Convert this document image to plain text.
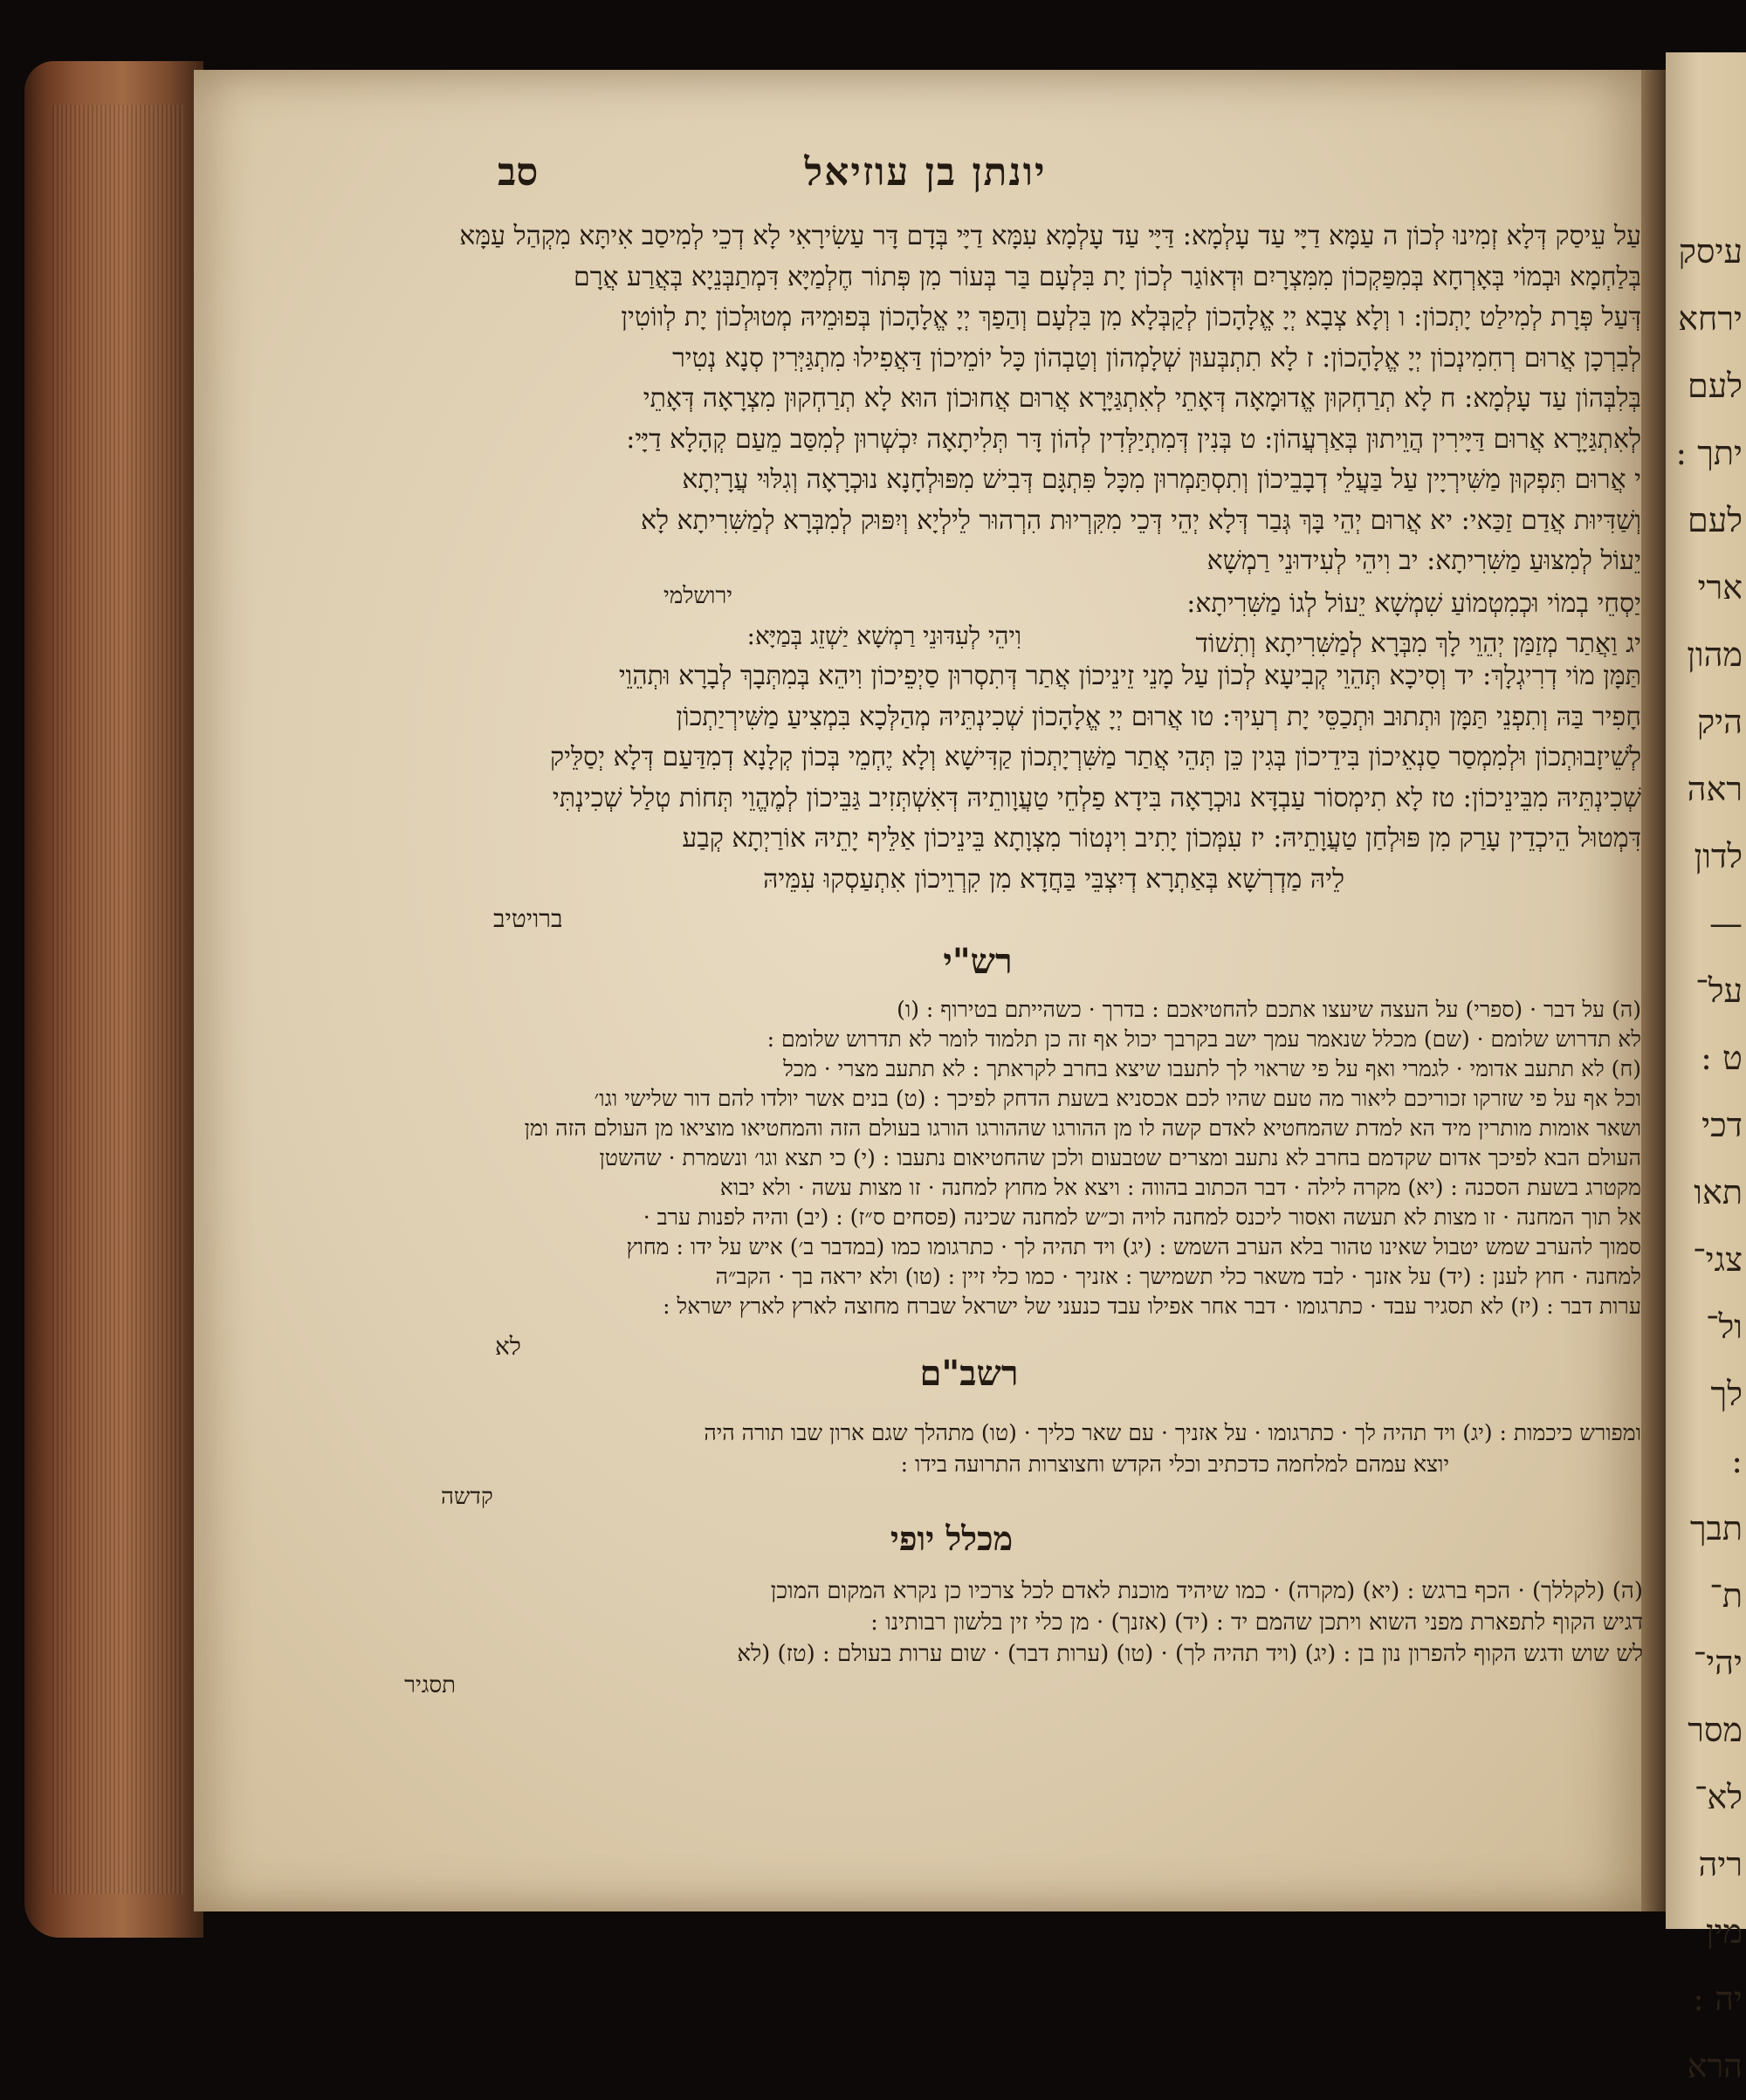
עיסק
ירחא
לעם
יתך :
לעם
ארי
מהון
היק
ראה
לדון
—
על־
ט :
דכי
תאו
צגי־
ול־
לך
:
תבך
ת־
יהי־
מסר
לא־
ריה
מין
יה :
הרא
יונתן בן עוזיאל
סב
עַל עֵיסַק דְּלָא זְמִינוּ לְכוֹן ה עַמָּא דַיָּי עַד עָלְמָא: דַּיָּי עַד עָלְמָא עִמָּא דַיָּי בְּדָם דָּר עַשִׂירָאִי לָא דְכֵי לְמִיסַב אִיתָּא מִקְהַל עַמָּא
בְּלַחְמָא וּבְמוֹי בְּאָרְחָא בְּמִפַּקְכוֹן מִמִּצְרָיִם וּדְאוֹגַר לְכוֹן יָת בִּלְעָם בַּר בְּעוֹר מִן פְּתוֹר חֶלְמַיָּא דִּמְתַבְּנֵיָא בְּאֲרַע אֲרָם
דְּעַל פְּרָת לְמִילַט יָתְכוֹן: ו וְלָא צְבָא יְיָ אֱלָהָכוֹן לְקַבְּלָא מִן בִּלְעָם וְהַפַךְ יְיָ אֱלָהָכוֹן בְּפוּמֵיהּ מְטוּלְכוֹן יָת לְווֹטִין
לְבִרְכָן אֲרוּם רְחִמִינְכוֹן יְיָ אֱלָהָכוֹן: ז לָא תִתְבְּעוּן שְׁלָמְהוֹן וְטַבְהוֹן כָּל יוֹמֵיכוֹן דַּאֲפִילוּ מִתְגַּיְּרִין סְנָא נְטִיר
בְּלִבְּהוֹן עַד עָלְמָא: ח לָא תְרַחְקוּן אֱדוּמָאָה דְּאָתֵי לְאִתְגַּיָּרָא אֲרוּם אֲחוּכוֹן הוּא לָא תְרַחְקוּן מִצְרָאָה דְּאָתֵי
לְאִתְגַּיָּרָא אֲרוּם דַּיָּירִין הֲוֵיתוּן בְּאַרְעֲהוֹן: ט בְּנִין דְּמִתְיַלְּדִין לְהוֹן דָּר תְּלִיתָאָה יִכְשְׁרוּן לְמִסַּב מֵעַם קְהָלָא דַיָּי:
י אֲרוּם תִּפְקוּן מַשִּׁירְיָין עַל בַּעֲלֵי דְבָבֵיכוֹן וְתִסְתַּמְרוּן מִכָּל פִּתְגָּם דְּבִישׁ מִפּוּלְחָנָא נוּכְרָאָה וְגִלּוּי עֲרָיְתָא
וְשַׁדִּיוּת אֲדַם זַכַּאי: יא אֲרוּם יְהֵי בָּךְ גְּבַר דְּלָא יְהֵי דְּכֵי מִקִּרְיוּת הִרְהוּר לֵילְיָא וְיִפּוּק לְמִבְּרָא לְמַשִּׁרִיתָא לָא
יֵעוֹל לְמִצּוּעַ מַשִּׁרִיתָא: יב וִיהֵי לְעִידוּנֵי רַמְשָׁא
ירושלמי	יַסְחֵי בְמוֹי וּכְמִטְמוֹעַ שִׁמְשָׁא יֵעוֹל לְגוֹ מַשִּׁרִיתָא:
וִיהֵי לְעִדּוּנֵי רַמְשָׁא יַשְׁזֵג בְּמַיָּא:	יג וַאֲתַר מְזַמַּן יְהֵוֵי לָךְ מִבְּרָא לְמַשִּׁרִיתָא וְתִשׁוֹד
תַּמָּן מוֹי דְרִיגְלָךְ: יד וְסִיכָא תְּהֵוֵי קְבִיעָא לְכוֹן עַל מָנֵי זֵינֵיכוֹן אֲתַר דְּתִסְרוּן סַיְפֵיכוֹן וִיהֵא בְּמִתְּבָךְ לְבָרָא וּתְהֵוֵי
חָפִיר בַּהּ וְתִפְנֵי תַּמָּן וּתְתוּב וּתְכַסֵּי יָת רְעִיךְ: טו אֲרוּם יְיָ אֱלָהָכוֹן שְׁכִינְתֵּיהּ מְהַלְּכָא בִּמְצִיעַ מַשִּׁירְיַתְכוֹן
לְשֵׁיזָבוּתְכוֹן וּלְמִמְסַר סַנְאֵיכוֹן בִּידֵיכוֹן בְּגִין כֵּן תְּהֵי אֲתַר מַשִּׁרְיָתְכוֹן קַדִּישָׁא וְלָא יֶחְמֵי בְּכוֹן קְלָנָא דְמִדַּעַם דְּלָא יְסַלֵּיק
שְׁכִינְתֵּיהּ מִבֵּינֵיכוֹן: טז לָא תִימְסוֹר עַבְדָּא נוּכְרָאָה בִּידָא פַלְחֵי טַעֲוָותֵיהּ דְּאִשְׁתְּזִיב גַּבֵּיכוֹן לְמֶהֱוֵי תְּחוֹת טְלַל שְׁכִינְתִּי
דִּמְטוּל הֵיכְדֵין עָרַק מִן פּוּלְחַן טַעֲוָתֵיהּ: יז עִמְּכוֹן יָתִיב וִינְטוֹר מִצְוָתָא בֵּינֵיכוֹן אַלֵּיף יָתֵיהּ אוֹרַיְתָא קְבַע
לֵיהּ מַדְרְשָׁא בְּאַתְרָא דְיִצְבֵּי בַּחֲדָא מִן קִרְוֵיכוֹן אִתְעַסְקוּ עִמֵּיהּ
ברויטיב
רש"י
(ה) על דבר · (ספרי) על העצה שיעצו אתכם להחטיאכם : בדרך · כשהייתם בטירוף : (ו)
לא תדרוש שלומם · (שם) מכלל שנאמר עמך ישב בקרבך יכול אף זה כן תלמוד לומר לא תדרוש שלומם :
(ח) לא תתעב אדומי · לגמרי ואף על פי שראוי לך לתעבו שיצא בחרב לקראתך : לא תתעב מצרי · מכל
וכל אף על פי שזרקו זכוריכם ליאור מה טעם שהיו לכם אכסניא בשעת הדחק לפיכך : (ט) בנים אשר יולדו להם דור שלישי וגו׳
ושאר אומות מותרין מיד הא למדת שהמחטיא לאדם קשה לו מן ההורגו שההורגו הורגו בעולם הזה והמחטיאו מוציאו מן העולם הזה ומן
העולם הבא לפיכך אדום שקדמם בחרב לא נתעב ומצרים שטבעום ולכן שהחטיאום נתעבו : (י) כי תצא וגו׳ ונשמרת · שהשטן
מקטרג בשעת הסכנה : (יא) מקרה לילה · דבר הכתוב בהווה : ויצא אל מחוץ למחנה · זו מצות עשה · ולא יבוא
אל תוך המחנה · זו מצות לא תעשה ואסור ליכנס למחנה לויה וכ״ש למחנה שכינה (פסחים ס״ז) : (יב) והיה לפנות ערב ·
סמוך להערב שמש יטבול שאינו טהור בלא הערב השמש : (יג) ויד תהיה לך · כתרגומו כמו (במדבר ב׳) איש על ידו : מחוץ
למחנה · חוץ לענן : (יד) על אזנך · לבד משאר כלי תשמישך : אזניך · כמו כלי זיין : (טו) ולא יראה בך · הקב״ה
ערות דבר : (יז) לא תסגיר עבד · כתרגומו · דבר אחר אפילו עבד כנעני של ישראל שברח מחוצה לארץ לארץ ישראל :
לא
רשב"ם
ומפורש כיכמות : (יג) ויד תהיה לך · כתרגומו · על אזניך · עם שאר כליך · (טו) מתהלך שגם ארון שבו תורה היה
יוצא עמהם למלחמה כדכתיב וכלי הקדש וחצוצרות התרועה בידו :
קדשה
מכלל יופי
(ה) (לקללך) · הכף ברגש : (יא) (מקרה) · כמו שיהיד מוכנת לאדם לכל צרכיו כן נקרא המקום המוכן
דגיש הקוף לתפארת מפני השוא ויתכן שהמם יד : (יד) (אזנך) · מן כלי זין בלשון רבותינו :
לש שוש ודגש הקוף להפרון נון בן : (יג) (ויד תהיה לך) · (טו) (ערות דבר) · שום ערות בעולם : (טז) (לא
תסגיר
